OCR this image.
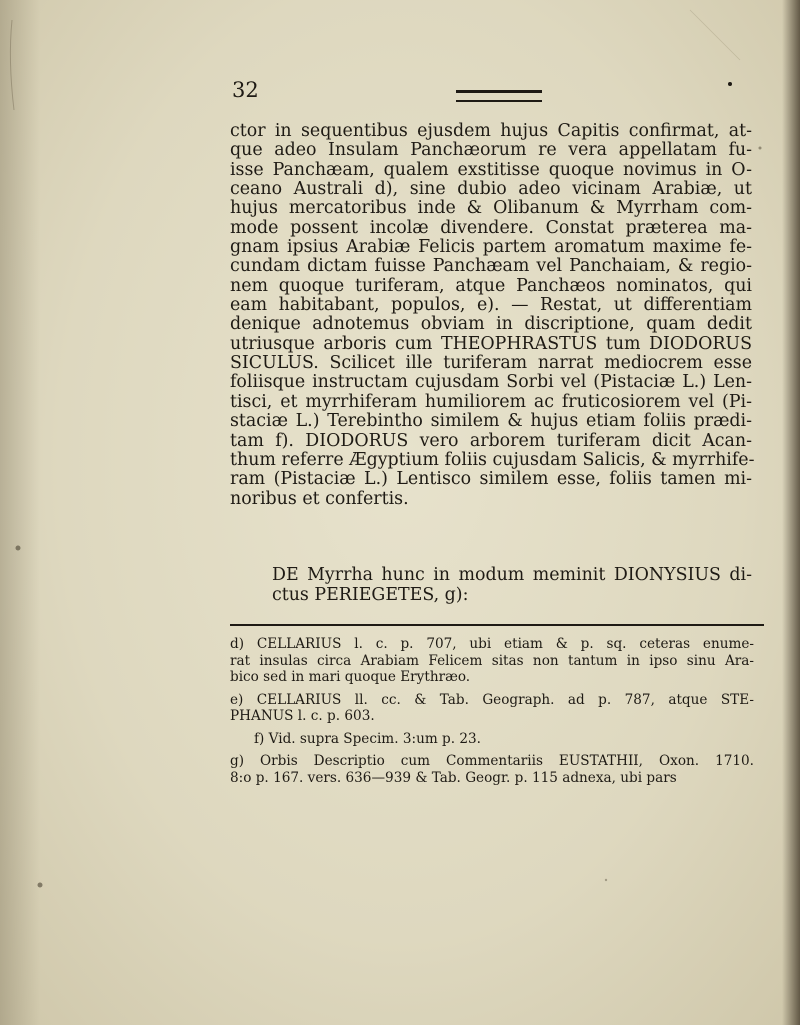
32
ctor in sequentibus ejusdem hujus Capitis confirmat, at-
que adeo Insulam Panchæorum re vera appellatam fu-
isse Panchæam, qualem exstitisse quoque novimus in O-
ceano Australi d), sine dubio adeo vicinam Arabiæ, ut
hujus mercatoribus inde & Olibanum & Myrrham com-
mode possent incolæ divendere. Constat præterea ma-
gnam ipsius Arabiæ Felicis partem aromatum maxime fe-
cundam dictam fuisse Panchæam vel Panchaiam, & regio-
nem quoque turiferam, atque Panchæos nominatos, qui
eam habitabant, populos, e). — Restat, ut differentiam
denique adnotemus obviam in discriptione, quam dedit
utriusque arboris cum THEOPHRASTUS tum DIODORUS
SICULUS. Scilicet ille turiferam narrat mediocrem esse
foliisque instructam cujusdam Sorbi vel (Pistaciæ L.) Len-
tisci, et myrrhiferam humiliorem ac fruticosiorem vel (Pi-
staciæ L.) Terebintho similem & hujus etiam foliis prædi-
tam f). DIODORUS vero arborem turiferam dicit Acan-
thum referre Ægyptium foliis cujusdam Salicis, & myrrhife-
ram (Pistaciæ L.) Lentisco similem esse, foliis tamen mi-
noribus et confertis.
DE Myrrha hunc in modum meminit DIONYSIUS di-
ctus PERIEGETES, g):
d) CELLARIUS l. c. p. 707, ubi etiam & p. sq. ceteras enume-
rat insulas circa Arabiam Felicem sitas non tantum in ipso sinu Ara-
bico sed in mari quoque Erythræo.
e) CELLARIUS ll. cc. & Tab. Geograph. ad p. 787, atque STE-
PHANUS l. c. p. 603.
f) Vid. supra Specim. 3:um p. 23.
g) Orbis Descriptio cum Commentariis EUSTATHII, Oxon. 1710.
8:o p. 167. vers. 636—939 & Tab. Geogr. p. 115 adnexa, ubi pars
